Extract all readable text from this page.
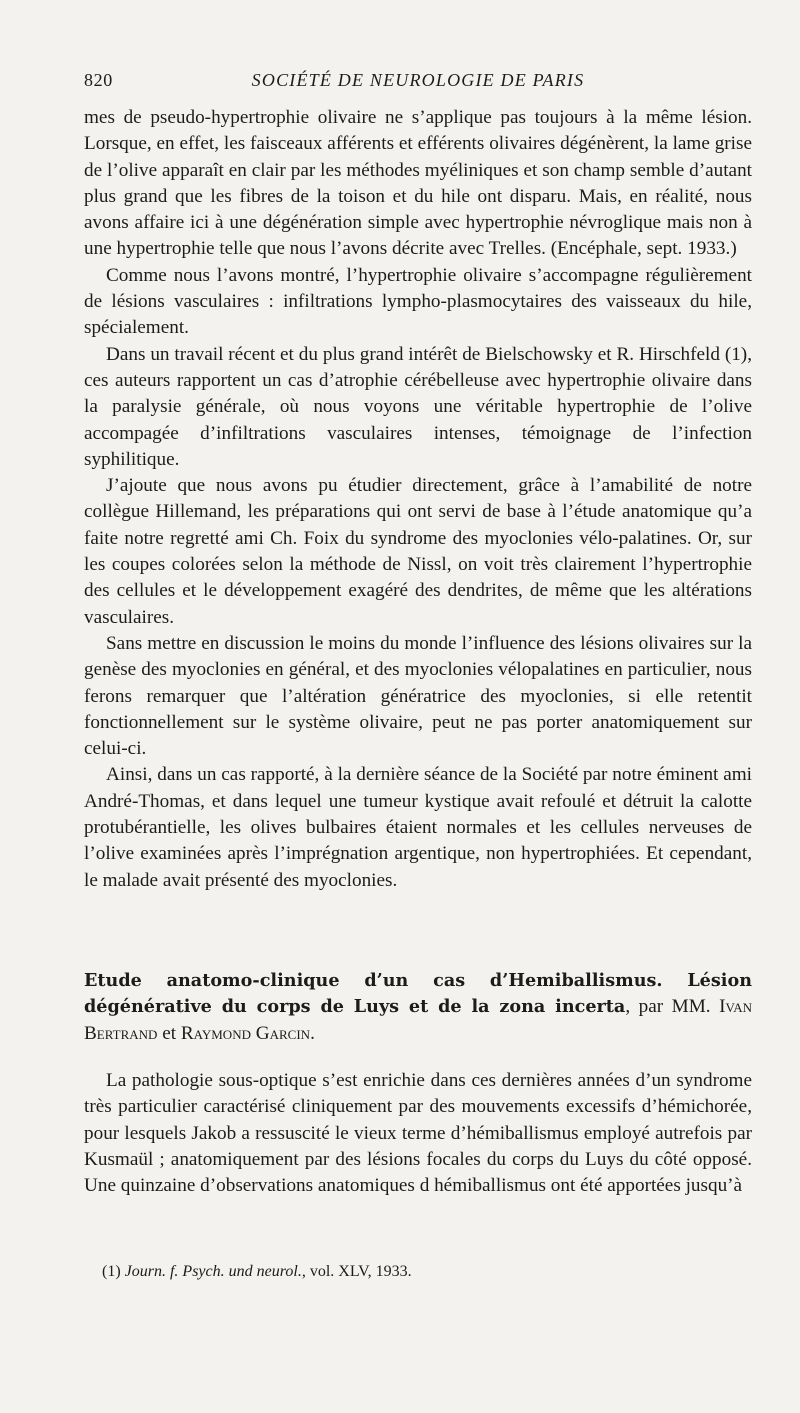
820	SOCIÉTÉ DE NEUROLOGIE DE PARIS

mes de pseudo-hypertrophie olivaire ne s’applique pas toujours à la même lésion. Lorsque, en effet, les faisceaux afférents et efférents olivaires dégénèrent, la lame grise de l’olive apparaît en clair par les méthodes myéliniques et son champ semble d’autant plus grand que les fibres de la toison et du hile ont disparu. Mais, en réalité, nous avons affaire ici à une dégénération simple avec hypertrophie névroglique mais non à une hypertrophie telle que nous l’avons décrite avec Trelles. (Encéphale, sept. 1933.)

Comme nous l’avons montré, l’hypertrophie olivaire s’accompagne régulièrement de lésions vasculaires : infiltrations lympho-plasmocytaires des vaisseaux du hile, spécialement.

Dans un travail récent et du plus grand intérêt de Bielschowsky et R. Hirschfeld (1), ces auteurs rapportent un cas d’atrophie cérébelleuse avec hypertrophie olivaire dans la paralysie générale, où nous voyons une véritable hypertrophie de l’olive accompagée d’infiltrations vasculaires intenses, témoignage de l’infection syphilitique.

J’ajoute que nous avons pu étudier directement, grâce à l’amabilité de notre collègue Hillemand, les préparations qui ont servi de base à l’étude anatomique qu’a faite notre regretté ami Ch. Foix du syndrome des myoclonies vélo-palatines. Or, sur les coupes colorées selon la méthode de Nissl, on voit très clairement l’hypertrophie des cellules et le développement exagéré des dendrites, de même que les altérations vasculaires.

Sans mettre en discussion le moins du monde l’influence des lésions olivaires sur la genèse des myoclonies en général, et des myoclonies vélopalatines en particulier, nous ferons remarquer que l’altération génératrice des myoclonies, si elle retentit fonctionnellement sur le système olivaire, peut ne pas porter anatomiquement sur celui-ci.

Ainsi, dans un cas rapporté, à la dernière séance de la Société par notre éminent ami André-Thomas, et dans lequel une tumeur kystique avait refoulé et détruit la calotte protubérantielle, les olives bulbaires étaient normales et les cellules nerveuses de l’olive examinées après l’imprégnation argentique, non hypertrophiées. Et cependant, le malade avait présenté des myoclonies.

Etude anatomo-clinique d’un cas d’Hemiballismus. Lésion dégénérative du corps de Luys et de la zona incerta, par MM. Ivan Bertrand et Raymond Garcin.

La pathologie sous-optique s’est enrichie dans ces dernières années d’un syndrome très particulier caractérisé cliniquement par des mouvements excessifs d’hémichorée, pour lesquels Jakob a ressuscité le vieux terme d’hémiballismus employé autrefois par Kusmaül ; anatomiquement par des lésions focales du corps du Luys du côté opposé. Une quinzaine d’observations anatomiques d hémiballismus ont été apportées jusqu’à

(1) Journ. f. Psych. und neurol., vol. XLV, 1933.
